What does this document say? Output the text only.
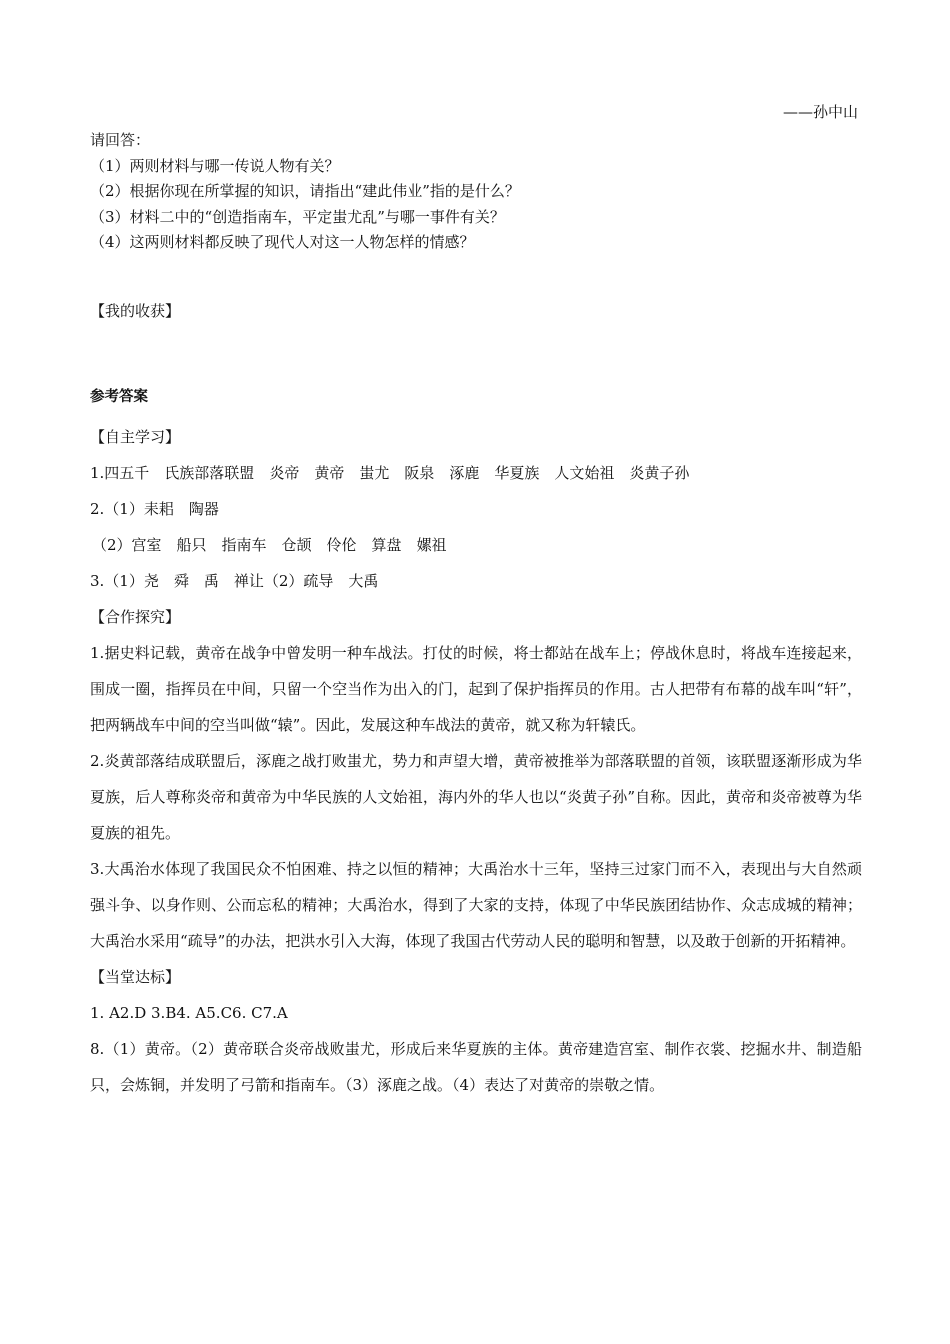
——孙中山

请回答：

（1）两则材料与哪一传说人物有关？

（2）根据你现在所掌握的知识，请指出“建此伟业”指的是什么？

（3）材料二中的“创造指南车，平定蚩尤乱”与哪一事件有关？

（4）这两则材料都反映了现代人对这一人物怎样的情感？

【我的收获】

参考答案

【自主学习】

1.四五千　氏族部落联盟　炎帝　黄帝　蚩尤　阪泉　涿鹿　华夏族　人文始祖　炎黄子孙

2.（1）耒耜　陶器

（2）宫室　船只　指南车　仓颉　伶伦　算盘　嫘祖

3.（1）尧　舜　禹　禅让（2）疏导　大禹

【合作探究】

1.据史料记载，黄帝在战争中曾发明一种车战法。打仗的时候，将士都站在战车上；停战休息时，将战车连接起来，围成一圈，指挥员在中间，只留一个空当作为出入的门，起到了保护指挥员的作用。古人把带有布幕的战车叫“轩”，把两辆战车中间的空当叫做“辕”。因此，发展这种车战法的黄帝，就又称为轩辕氏。

2.炎黄部落结成联盟后，涿鹿之战打败蚩尤，势力和声望大增，黄帝被推举为部落联盟的首领，该联盟逐渐形成为华夏族，后人尊称炎帝和黄帝为中华民族的人文始祖，海内外的华人也以“炎黄子孙”自称。因此，黄帝和炎帝被尊为华夏族的祖先。

3.大禹治水体现了我国民众不怕困难、持之以恒的精神；大禹治水十三年，坚持三过家门而不入，表现出与大自然顽强斗争、以身作则、公而忘私的精神；大禹治水，得到了大家的支持，体现了中华民族团结协作、众志成城的精神；大禹治水采用“疏导”的办法，把洪水引入大海，体现了我国古代劳动人民的聪明和智慧，以及敢于创新的开拓精神。

【当堂达标】

1. A2.D 3.B4. A5.C6. C7.A

8.（1）黄帝。（2）黄帝联合炎帝战败蚩尤，形成后来华夏族的主体。黄帝建造宫室、制作衣裳、挖掘水井、制造船只，会炼铜，并发明了弓箭和指南车。（3）涿鹿之战。（4）表达了对黄帝的崇敬之情。
